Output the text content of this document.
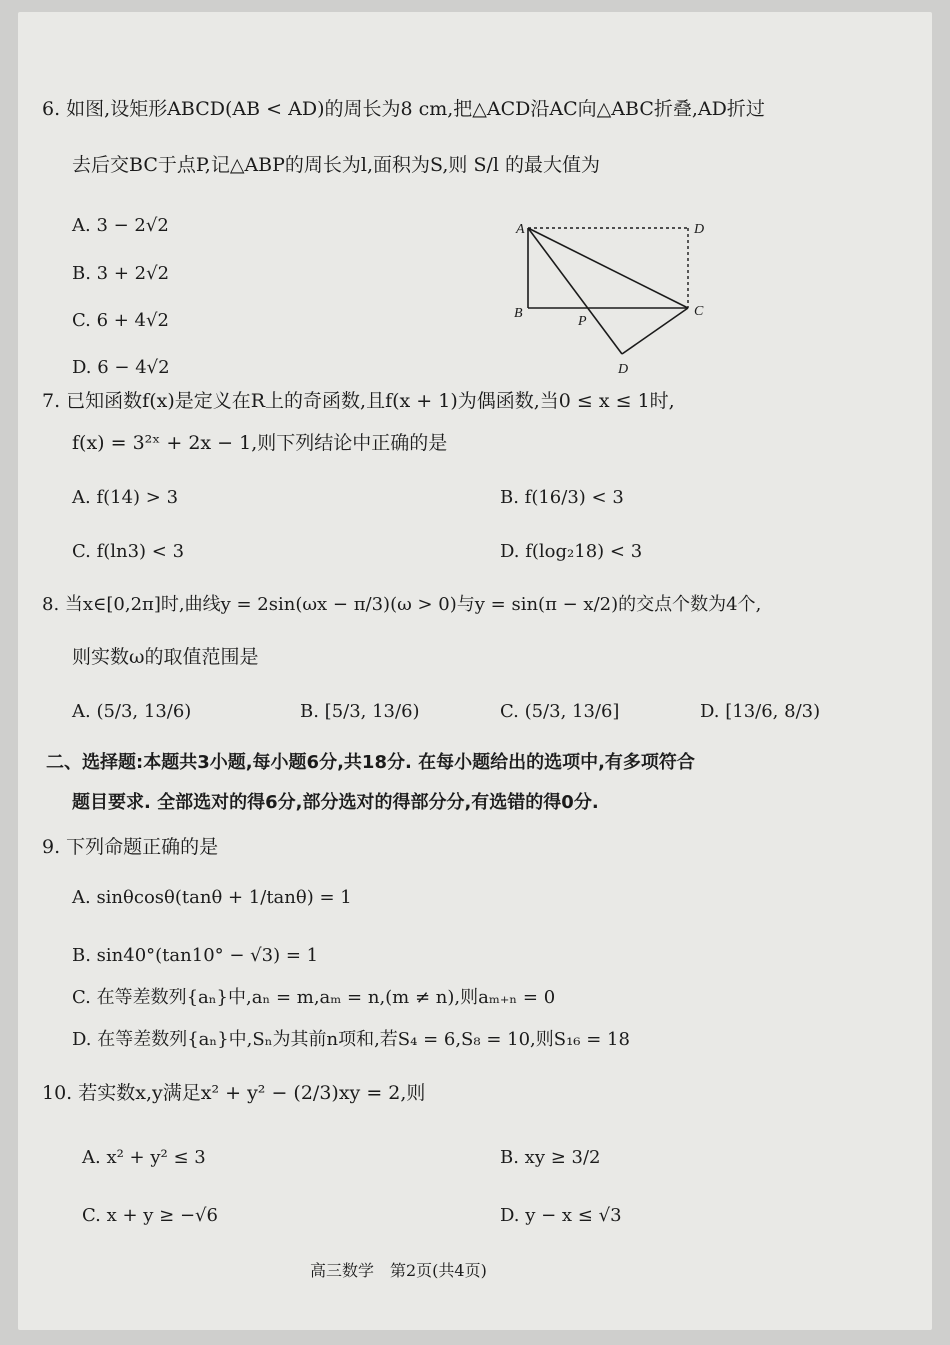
6. 如图,设矩形ABCD(AB < AD)的周长为8 cm,把△ACD沿AC向△ABC折叠,AD折过
去后交BC于点P,记△ABP的周长为l,面积为S,则 S/l 的最大值为
A. 3 − 2√2
B. 3 + 2√2
C. 6 + 4√2
D. 6 − 4√2
A	D
B
P
C
D
7. 已知函数f(x)是定义在R上的奇函数,且f(x + 1)为偶函数,当0 ≤ x ≤ 1时,
f(x) = 3²ˣ + 2x − 1,则下列结论中正确的是
A. f(14) > 3	B. f(16/3) < 3
C. f(ln3) < 3	D. f(log₂18) < 3
8. 当x∈[0,2π]时,曲线y = 2sin(ωx − π/3)(ω > 0)与y = sin(π − x/2)的交点个数为4个,
则实数ω的取值范围是
A. (5/3, 13/6)	B. [5/3, 13/6)	C. (5/3, 13/6]	D. [13/6, 8/3)
二、选择题:本题共3小题,每小题6分,共18分. 在每小题给出的选项中,有多项符合
题目要求. 全部选对的得6分,部分选对的得部分分,有选错的得0分.
9. 下列命题正确的是
A. sinθcosθ(tanθ + 1/tanθ) = 1
B. sin40°(tan10° − √3) = 1
C. 在等差数列{aₙ}中,aₙ = m,aₘ = n,(m ≠ n),则aₘ₊ₙ = 0
D. 在等差数列{aₙ}中,Sₙ为其前n项和,若S₄ = 6,S₈ = 10,则S₁₆ = 18
10. 若实数x,y满足x² + y² − (2/3)xy = 2,则
A. x² + y² ≤ 3	B. xy ≥ 3/2
C. x + y ≥ −√6	D. y − x ≤ √3
高三数学　第2页(共4页)
